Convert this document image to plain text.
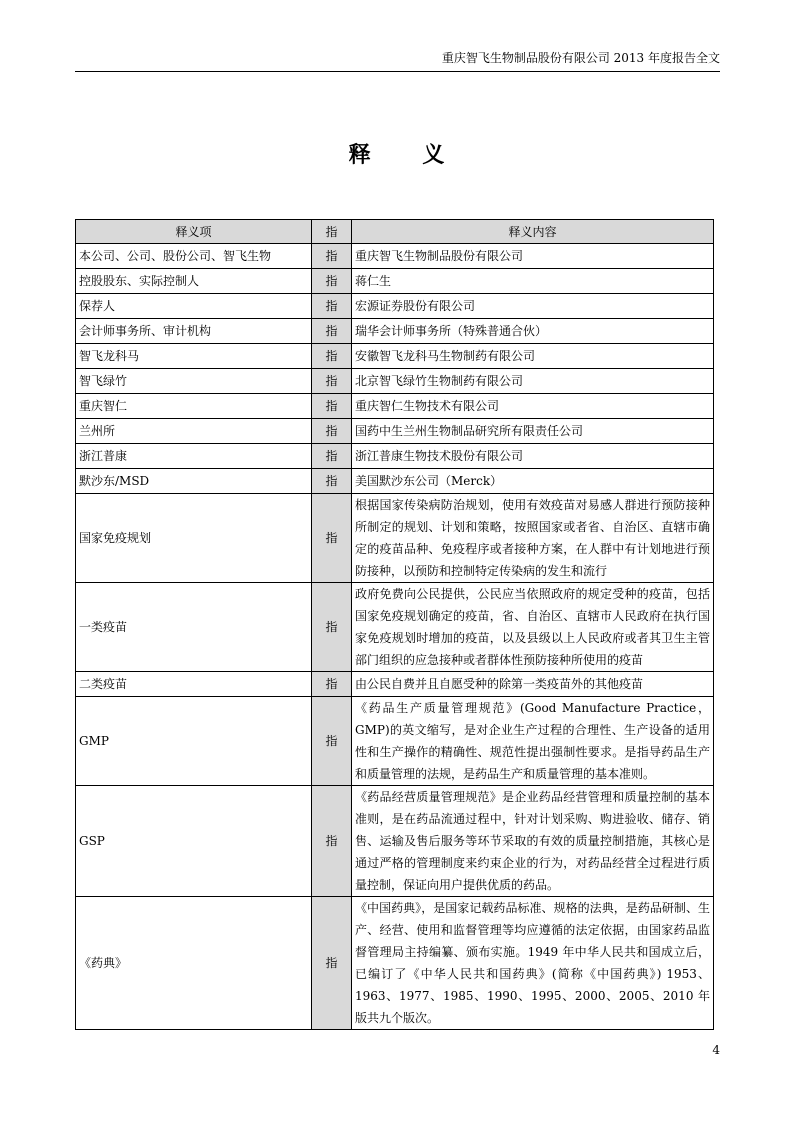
重庆智飞生物制品股份有限公司 2013 年度报告全文
释 义
释义项	指	释义内容
本公司、公司、股份公司、智飞生物	指	重庆智飞生物制品股份有限公司
控股股东、实际控制人	指	蒋仁生
保荐人	指	宏源证券股份有限公司
会计师事务所、审计机构	指	瑞华会计师事务所（特殊普通合伙）
智飞龙科马	指	安徽智飞龙科马生物制药有限公司
智飞绿竹	指	北京智飞绿竹生物制药有限公司
重庆智仁	指	重庆智仁生物技术有限公司
兰州所	指	国药中生兰州生物制品研究所有限责任公司
浙江普康	指	浙江普康生物技术股份有限公司
默沙东/MSD	指	美国默沙东公司（Merck）
国家免疫规划	指	根据国家传染病防治规划，使用有效疫苗对易感人群进行预防接种所制定的规划、计划和策略，按照国家或者省、自治区、直辖市确定的疫苗品种、免疫程序或者接种方案，在人群中有计划地进行预防接种，以预防和控制特定传染病的发生和流行
一类疫苗	指	政府免费向公民提供，公民应当依照政府的规定受种的疫苗，包括国家免疫规划确定的疫苗，省、自治区、直辖市人民政府在执行国家免疫规划时增加的疫苗，以及县级以上人民政府或者其卫生主管部门组织的应急接种或者群体性预防接种所使用的疫苗
二类疫苗	指	由公民自费并且自愿受种的除第一类疫苗外的其他疫苗
GMP	指	《药品生产质量管理规范》(Good Manufacture Practice，GMP)的英文缩写，是对企业生产过程的合理性、生产设备的适用性和生产操作的精确性、规范性提出强制性要求。是指导药品生产和质量管理的法规，是药品生产和质量管理的基本准则。
GSP	指	《药品经营质量管理规范》是企业药品经营管理和质量控制的基本准则，是在药品流通过程中，针对计划采购、购进验收、储存、销售、运输及售后服务等环节采取的有效的质量控制措施，其核心是通过严格的管理制度来约束企业的行为，对药品经营全过程进行质量控制，保证向用户提供优质的药品。
《药典》	指	《中国药典》，是国家记载药品标准、规格的法典，是药品研制、生产、经营、使用和监督管理等均应遵循的法定依据，由国家药品监督管理局主持编纂、颁布实施。1949 年中华人民共和国成立后，已编订了《中华人民共和国药典》(简称《中国药典》) 1953、1963、1977、1985、1990、1995、2000、2005、2010 年版共九个版次。
4
